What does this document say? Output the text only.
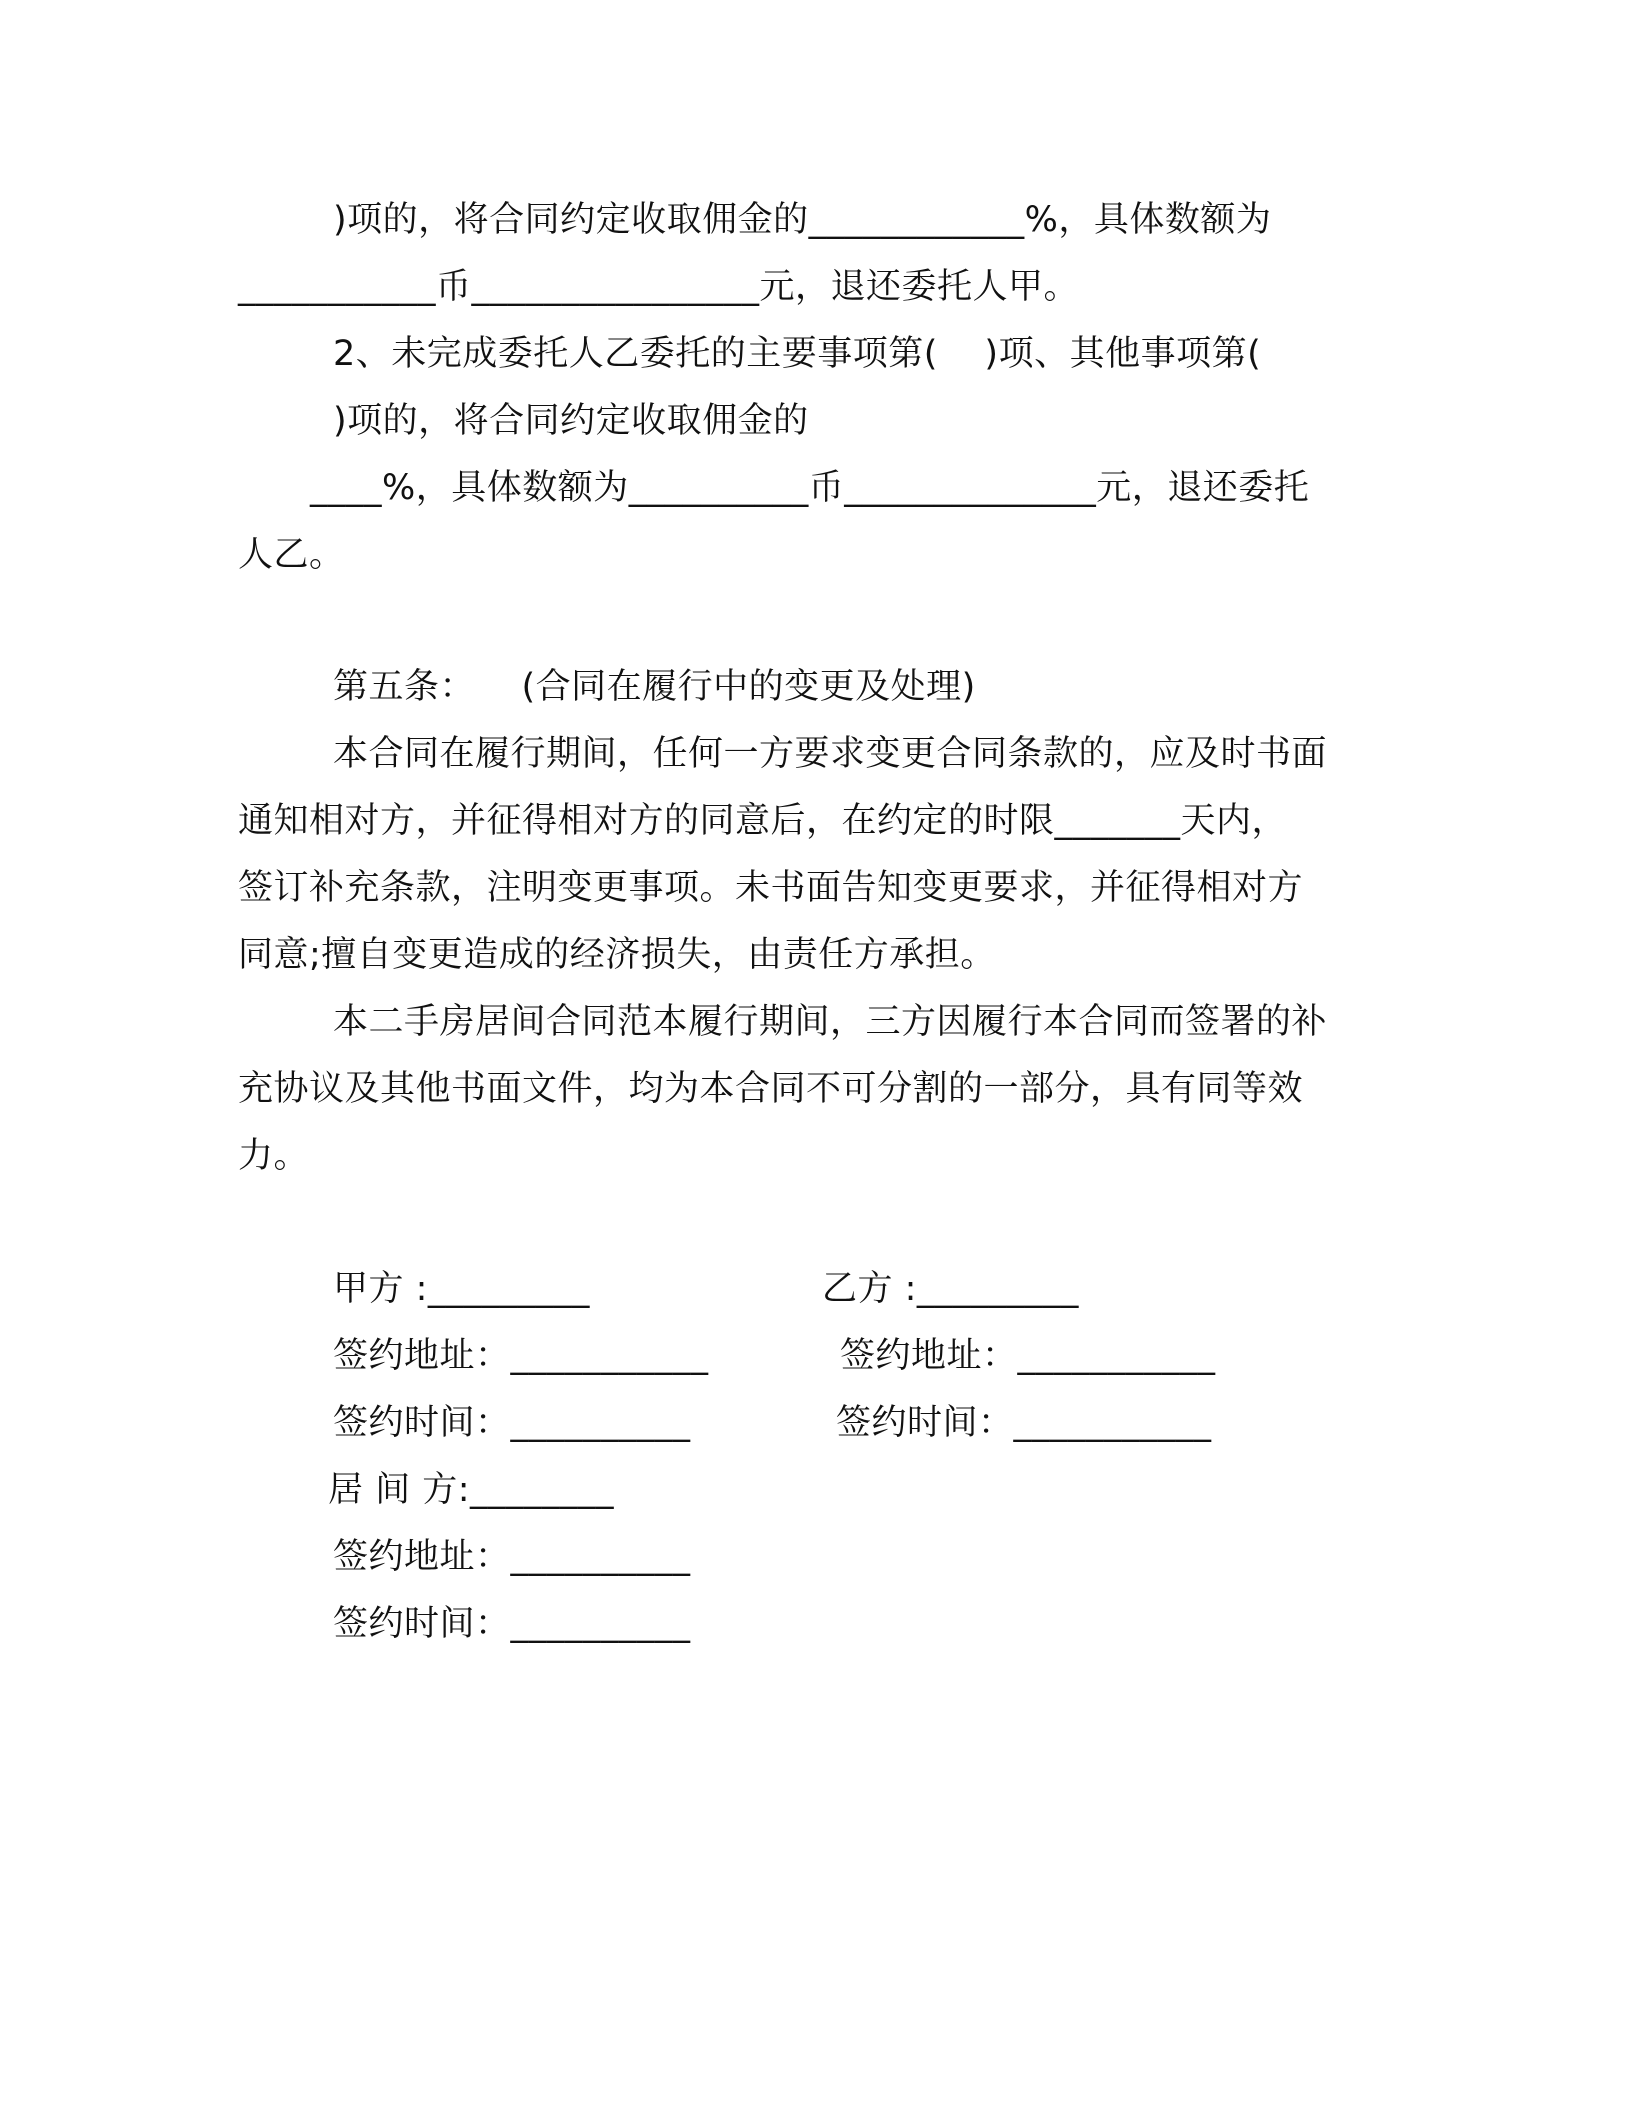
)项的，将合同约定收取佣金的____________%，具体数额为
___________币________________元，退还委托人甲。
2、未完成委托人乙委托的主要事项第(    )项、其他事项第(
)项的，将合同约定收取佣金的
____%，具体数额为__________币______________元，退还委托
人乙。
第五条：    (合同在履行中的变更及处理)
本合同在履行期间，任何一方要求变更合同条款的，应及时书面
通知相对方，并征得相对方的同意后，在约定的时限_______天内，
签订补充条款，注明变更事项。未书面告知变更要求，并征得相对方
同意;擅自变更造成的经济损失，由责任方承担。
本二手房居间合同范本履行期间，三方因履行本合同而签署的补
充协议及其他书面文件，均为本合同不可分割的一部分，具有同等效
力。
甲方 :_________	乙方 :_________
签约地址：___________	签约地址：___________
签约时间：__________	签约时间：___________
居 间 方:________
签约地址：__________
签约时间：__________
